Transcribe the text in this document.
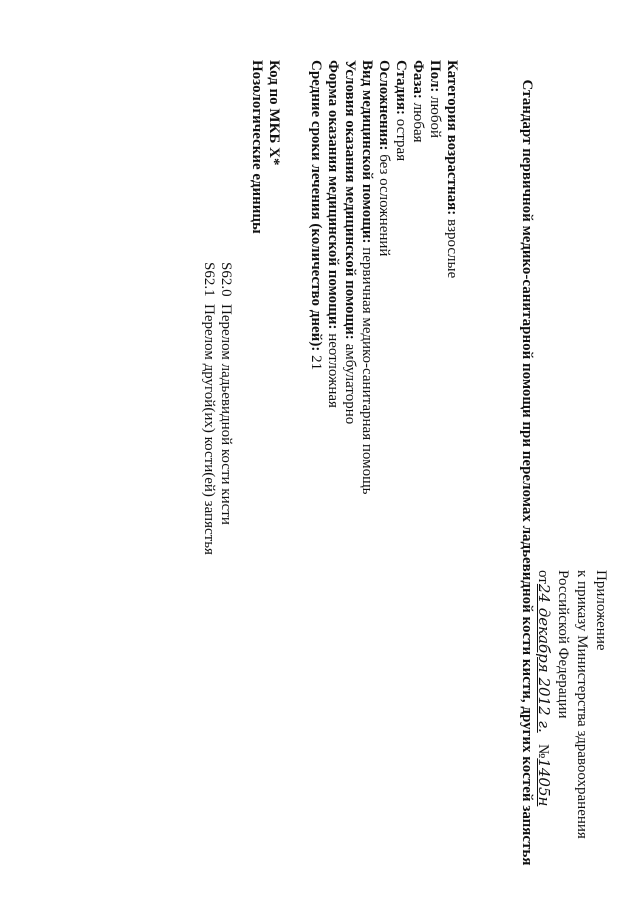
Приложение
к приказу Министерства здравоохранения
Российской Федерации
от24 декабря 2012 г.   №1405н
Стандарт первичной медико-санитарной помощи при переломах ладьевидной кости кисти, других костей запястья
Категория возрастная: взрослые
Пол: любой
Фаза: любая
Стадия: острая
Осложнения: без осложнений
Вид медицинской помощи: первичная медико-санитарная помощь
Условия оказания медицинской помощи: амбулаторно
Форма оказания медицинской помощи: неотложная
Средние сроки лечения (количество дней): 21
Код по МКБ X*
Нозологические единицы
S62.0Перелом ладьевидной кости кисти
S62.1Перелом другой(их) кости(ей) запястья
